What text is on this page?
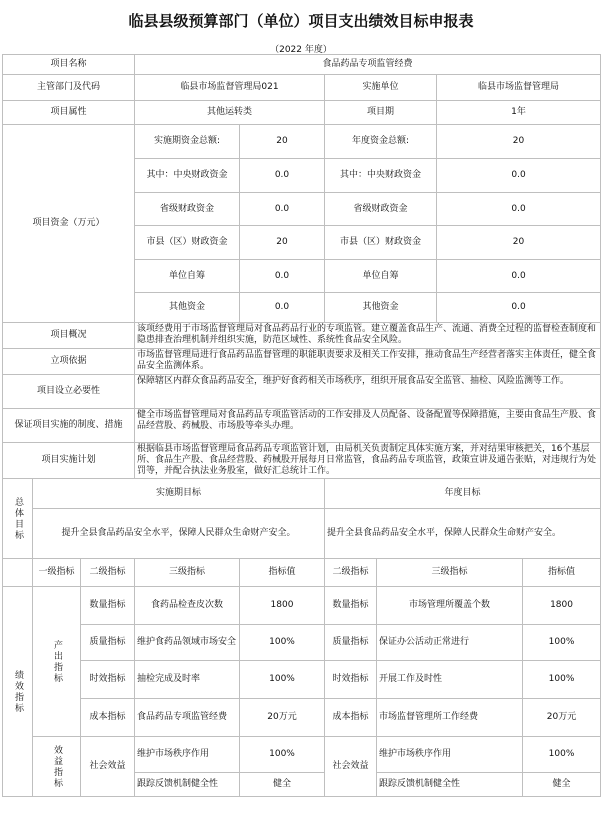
临县县级预算部门（单位）项目支出绩效目标申报表
（2022 年度）
项目名称			食品药品专项监管经费					
主管部门及代码			临县市场监督管理局021		实施单位		临县市场监督管理局	
项目属性			其他运转类		项目期		1年	
项目资金（万元）			实施期资金总额:	20	年度资金总额:		20	
			其中：中央财政资金	0.0	其中：中央财政资金		0.0	
			省级财政资金	0.0	省级财政资金		0.0	
			市县（区）财政资金	20	市县（区）财政资金		20	
			单位自筹	0.0	单位自筹		0.0	
			其他资金	0.0	其他资金		0.0	
项目概况			该项经费用于市场监督管理局对食品药品行业的专项监管。建立覆盖食品生产、流通、消费全过程的监督检查制度和隐患排查治理机制并组织实施，防范区域性、系统性食品安全风险。					
立项依据			市场监督管理局进行食品药品监督管理的职能职责要求及相关工作安排，推动食品生产经营者落实主体责任，健全食品安全监测体系。					
项目设立必要性			保障辖区内群众食品药品安全，维护好食药相关市场秩序，组织开展食品安全监管、抽检、风险监测等工作。					
保证项目实施的制度、措施			健全市场监督管理局对食品药品专项监管活动的工作安排及人员配备、设备配置等保障措施，主要由食品生产股、食品经营股、药械股、市场股等牵头办理。					
项目实施计划			根据临县市场监督管理局食品药品专项监管计划，由局机关负责制定具体实施方案，并对结果审核把关，16个基层所、食品生产股、食品经营股、药械股开展每月日常监管，食品药品专项监管，政策宣讲及通告张贴，对违规行为处罚等，并配合执法业务股室，做好汇总统计工作。					

总体目标	实施期目标				年度目标			
	提升全县食品药品安全水平，保障人民群众生命财产安全。				提升全县食品药品安全水平，保障人民群众生命财产安全。			
	一级指标	二级指标	三级指标	指标值	二级指标	三级指标		指标值

绩效指标	产出指标	数量指标	食药品检查皮次数	1800	数量指标	市场管理所覆盖个数		1800
		质量指标	维护食药品领域市场安全	100%	质量指标	保证办公活动正常进行		100%
		时效指标	抽检完成及时率	100%	时效指标	开展工作及时性		100%
		成本指标	食品药品专项监管经费	20万元	成本指标	市场监督管理所工作经费		20万元

	效益指标	社会效益	维护市场秩序作用	100%	社会效益	维护市场秩序作用		100%
			跟踪反馈机制健全性	健全		跟踪反馈机制健全性		健全
